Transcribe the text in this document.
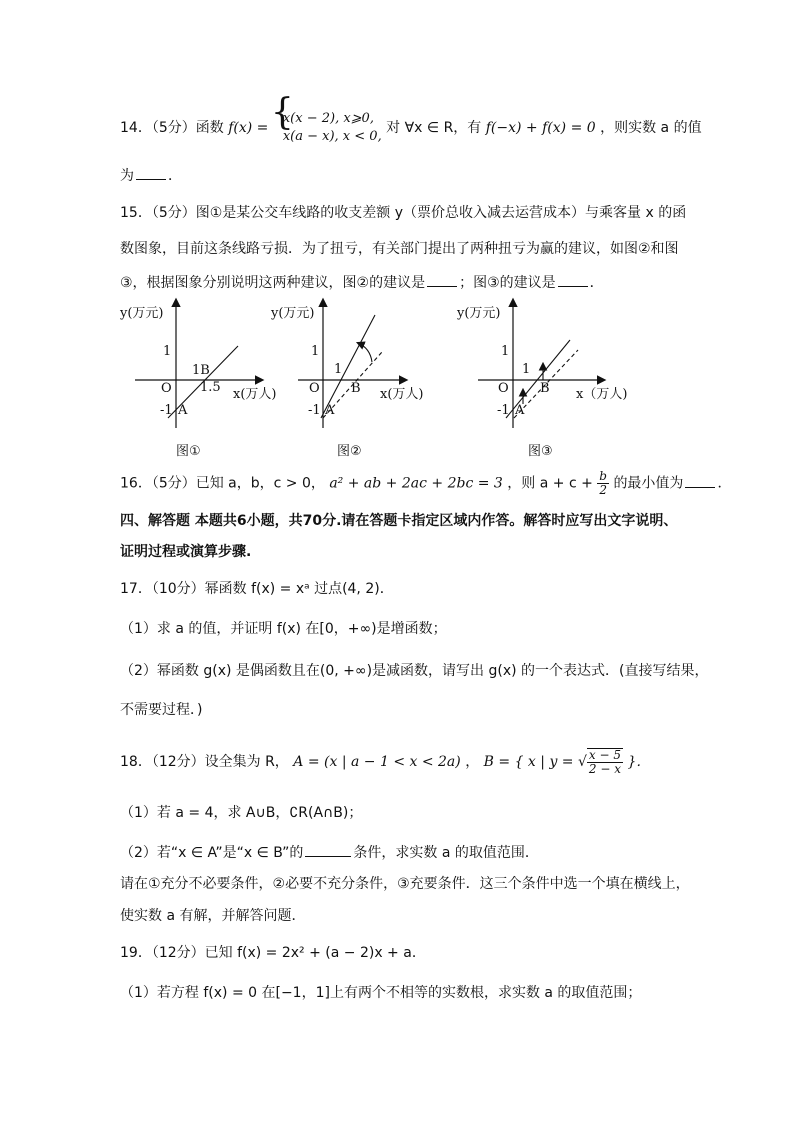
14．（5分）函数 f(x) =
{ x(x − 2), x⩾0,
x(a − x), x < 0,
对 ∀x ∈ R，有 f(−x) + f(x) = 0 ，则实数 a 的值
为 ．
15．（5分）图①是某公交车线路的收支差额 y（票价总收入减去运营成本）与乘客量 x 的函
数图象，目前这条线路亏损．为了扭亏，有关部门提出了两种扭亏为赢的建议，如图②和图
③，根据图象分别说明这两种建议，图②的建议是 ；图③的建议是 ．
y(万元)
x(万人)
O
1
-1
1.5
1B
A
图①
y(万元)
x(万人)
O
1
-1
1
B
A
图②
y(万元)
x（万人)
O
1
-1
1
B
A
图③
16．（5分）已知 a，b，c > 0， a² + ab + 2ac + 2bc = 3 ，则 $a + c + \frac{b}{2}$ 的最小值为 ．
四、解答题 本题共6小题，共70分.请在答题卡指定区域内作答。解答时应写出文字说明、
证明过程或演算步骤.
17．（10分）幂函数 f(x) = xᵃ 过点(4, 2)．
（1）求 a 的值，并证明 f(x) 在[0，+∞)是增函数；
（2）幂函数 g(x) 是偶函数且在(0, +∞)是减函数，请写出 g(x) 的一个表达式．(直接写结果，
不需要过程．)
18．（12分）设全集为 R， A = (x | a − 1 < x < 2a) ， B = { x | y = √ $\frac{x - 5}{2 - x}$ }．
（1）若 a = 4，求 A∪B，∁R(A∩B)；
（2）若“x ∈ A”是“x ∈ B”的	条件，求实数 a 的取值范围．
请在①充分不必要条件，②必要不充分条件，③充要条件．这三个条件中选一个填在横线上，
使实数 a 有解，并解答问题．
19．（12分）已知 f(x) = 2x² + (a − 2)x + a．
（1）若方程 f(x) = 0 在[−1，1]上有两个不相等的实数根，求实数 a 的取值范围；
